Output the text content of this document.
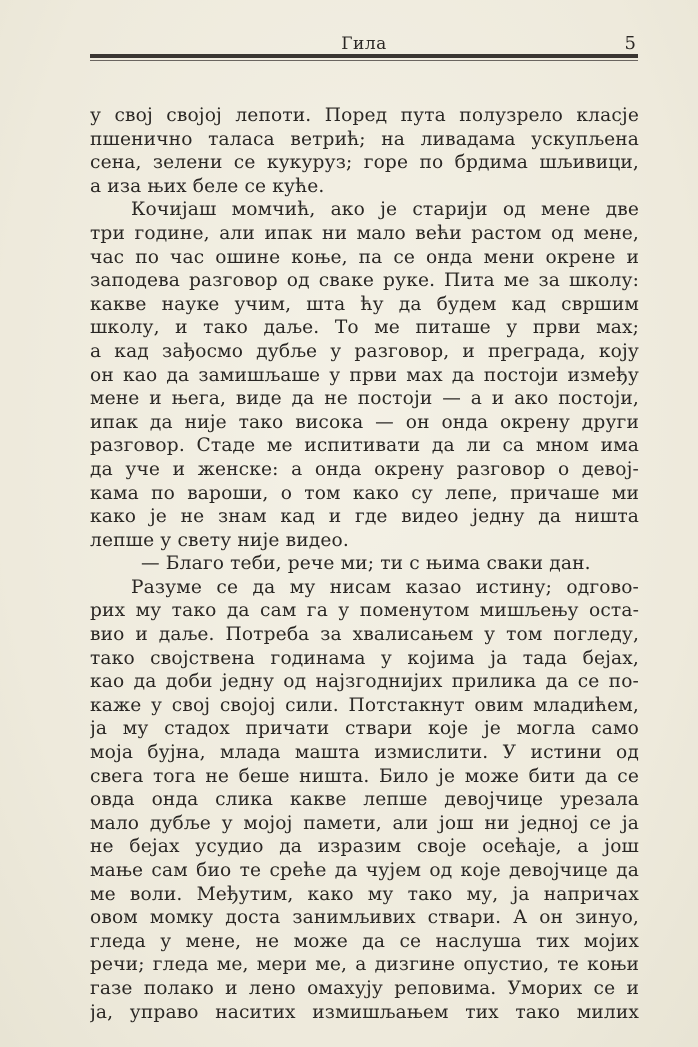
Гила	5
у свој својој лепоти. Поред пута полузрело класје
пшенично таласа ветрић; на ливадама ускупљена
сена, зелени се кукуруз; горе по брдима шљивици,
а иза њих беле се куће.
Кочијаш момчић, ако је старији од мене две
три године, али ипак ни мало већи растом од мене,
час по час ошине коње, па се онда мени окрене и
заподева разговор од сваке руке. Пита ме за школу:
какве науке учим, шта ћу да будем кад свршим
школу, и тако даље. То ме питаше у први мах;
а кад зађосмо дубље у разговор, и преграда, коју
он као да замишљаше у први мах да постоји између
мене и њега, виде да не постоји — а и ако постоји,
ипак да није тако висока — он онда окрену други
разговор. Стаде ме испитивати да ли са мном има
да уче и женске: а онда окрену разговор о девој-
кама по вароши, о том како су лепе, причаше ми
како је не знам кад и где видео једну да ништа
лепше у свету није видео.
— Благо теби, рече ми; ти с њима сваки дан.
Разуме се да му нисам казао истину; одгово-
рих му тако да сам га у поменутом мишљењу оста-
вио и даље. Потреба за хвалисањем у том погледу,
тако својствена годинама у којима ја тада бејах,
као да доби једну од најзгоднијих прилика да се по-
каже у свој својој сили. Потстакнут овим младићем,
ја му стадох причати ствари које је могла само
моја бујна, млада машта измислити. У истини од
свега тога не беше ништа. Било је може бити да се
овда онда слика какве лепше девојчице урезала
мало дубље у мојој памети, али још ни једној се ја
не бејах усудио да изразим своје осећаје, а још
мање сам био те среће да чујем од које девојчице да
ме воли. Међутим, како му тако му, ја напричах
овом момку доста занимљивих ствари. А он зинуо,
гледа у мене, не може да се наслуша тих мојих
речи; гледа ме, мери ме, а дизгине опустио, те коњи
газе полако и лено омахују реповима. Уморих се и
ја, управо наситих измишљањем тих тако милих
